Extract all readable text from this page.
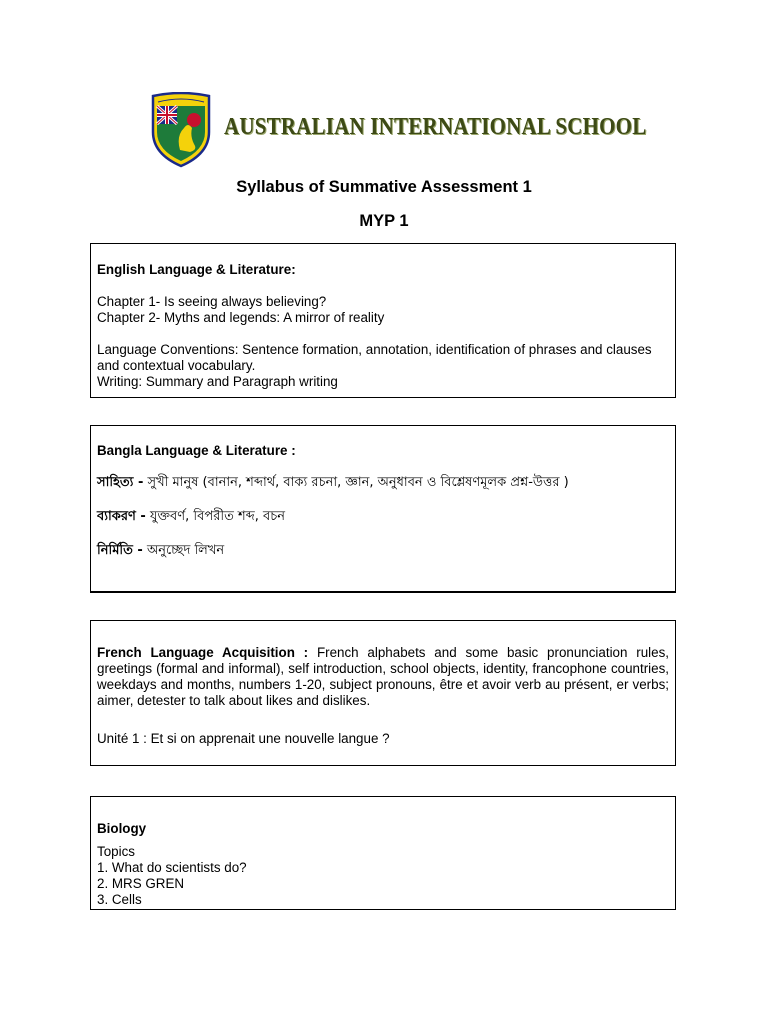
AUSTRALIAN INTERNATIONAL SCHOOL
Syllabus of Summative Assessment 1
MYP 1

English Language & Literature:

Chapter 1- Is seeing always believing?

Chapter 2- Myths and legends: A mirror of reality

Language Conventions: Sentence formation, annotation, identification of phrases and clauses and contextual vocabulary.

Writing: Summary and Paragraph writing

Bangla Language & Literature :

সাহিত্য - সুখী মানুষ (বানান, শব্দার্থ, বাক্য রচনা, জ্ঞান, অনুধাবন ও বিশ্লেষণমূলক প্রশ্ন-উত্তর )

ব্যাকরণ - যুক্তবর্ণ, বিপরীত শব্দ, বচন

নির্মিতি - অনুচ্ছেদ লিখন

French Language Acquisition : French alphabets and some basic pronunciation rules, greetings (formal and informal), self introduction, school objects, identity, francophone countries, weekdays and months, numbers 1-20, subject pronouns, être et avoir verb au présent, er verbs; aimer, detester to talk about likes and dislikes.

Unité 1 : Et si on apprenait une nouvelle langue ?

Biology

Topics

1. What do scientists do?
2. MRS GREN
3. Cells
